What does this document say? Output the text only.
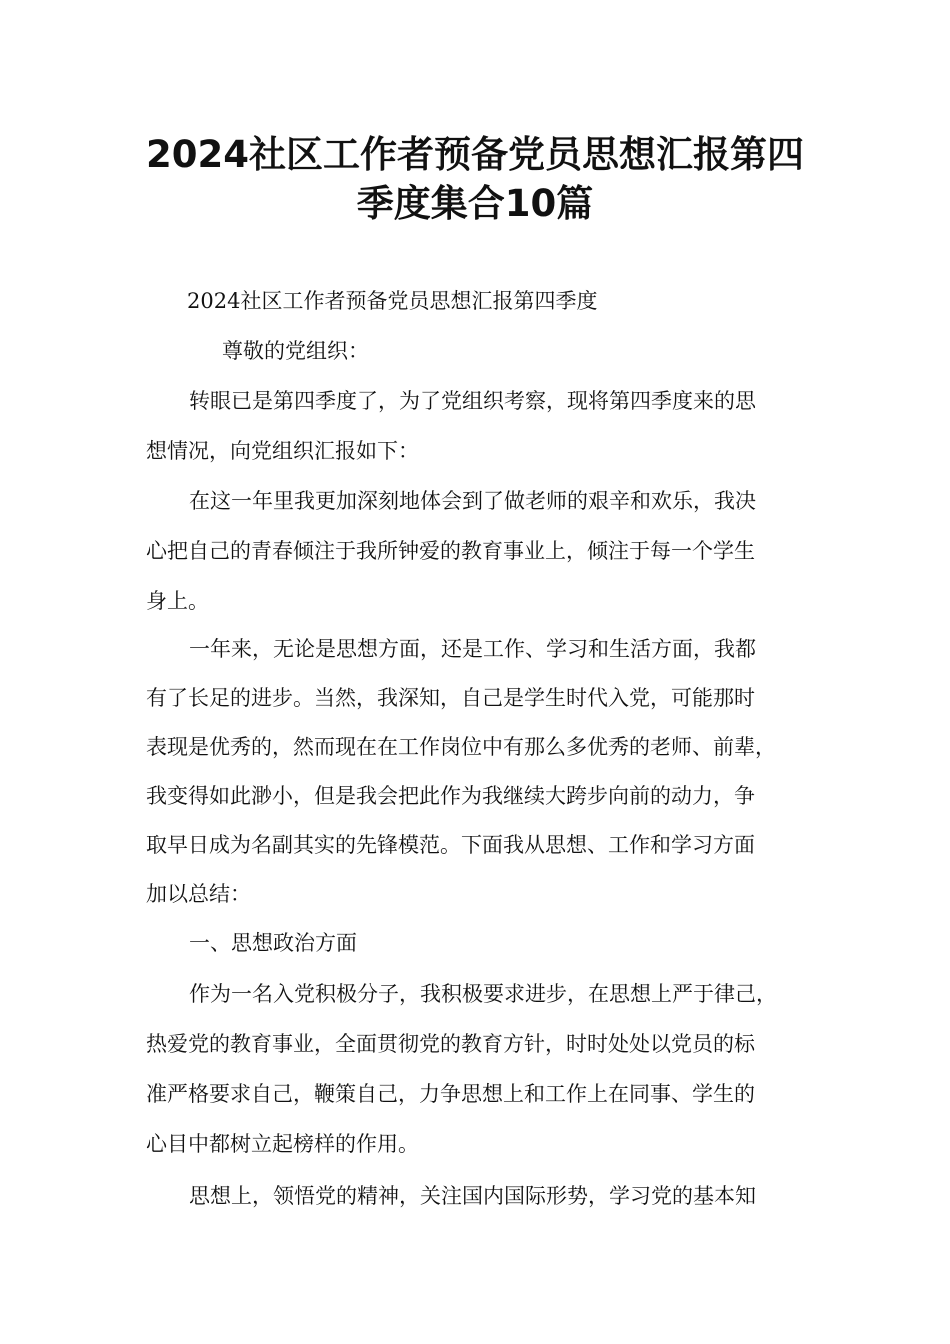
2024社区工作者预备党员思想汇报第四
季度集合10篇
2024社区工作者预备党员思想汇报第四季度
尊敬的党组织：
转眼已是第四季度了，为了党组织考察，现将第四季度来的思
想情况，向党组织汇报如下：
在这一年里我更加深刻地体会到了做老师的艰辛和欢乐，我决
心把自己的青春倾注于我所钟爱的教育事业上，倾注于每一个学生
身上。
一年来，无论是思想方面，还是工作、学习和生活方面，我都
有了长足的进步。当然，我深知，自己是学生时代入党，可能那时
表现是优秀的，然而现在在工作岗位中有那么多优秀的老师、前辈，
我变得如此渺小，但是我会把此作为我继续大跨步向前的动力，争
取早日成为名副其实的先锋模范。下面我从思想、工作和学习方面
加以总结：
一、思想政治方面
作为一名入党积极分子，我积极要求进步，在思想上严于律己，
热爱党的教育事业，全面贯彻党的教育方针，时时处处以党员的标
准严格要求自己，鞭策自己，力争思想上和工作上在同事、学生的
心目中都树立起榜样的作用。
思想上，领悟党的精神，关注国内国际形势，学习党的基本知
